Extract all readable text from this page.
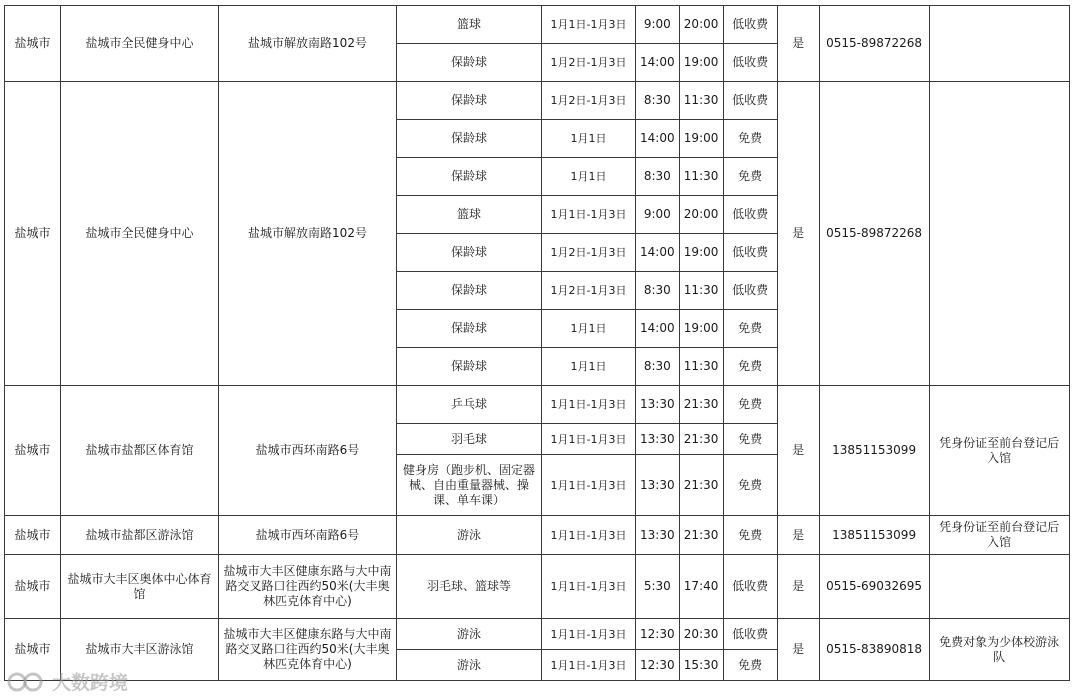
盐城市	盐城市全民健身中心	盐城市解放南路102号	篮球	1月1日-1月3日	9:00	20:00	低收费	是	0515-89872268	
			保龄球	1月2日-1月3日	14:00	19:00	低收费			
盐城市	盐城市全民健身中心	盐城市解放南路102号	保龄球	1月2日-1月3日	8:30	11:30	低收费	是	0515-89872268	
			保龄球	1月1日	14:00	19:00	免费			
			保龄球	1月1日	8:30	11:30	免费			
			篮球	1月1日-1月3日	9:00	20:00	低收费			
			保龄球	1月2日-1月3日	14:00	19:00	低收费			
			保龄球	1月2日-1月3日	8:30	11:30	低收费			
			保龄球	1月1日	14:00	19:00	免费			
			保龄球	1月1日	8:30	11:30	免费			
盐城市	盐城市盐都区体育馆	盐城市西环南路6号	乒乓球	1月1日-1月3日	13:30	21:30	免费	是	13851153099	凭身份证至前台登记后入馆
			羽毛球	1月1日-1月3日	13:30	21:30	免费			
			健身房（跑步机、固定器械、自由重量器械、操课、单车课）	1月1日-1月3日	13:30	21:30	免费			
盐城市	盐城市盐都区游泳馆	盐城市西环南路6号	游泳	1月1日-1月3日	13:30	21:30	免费	是	13851153099	凭身份证至前台登记后入馆
盐城市	盐城市大丰区奥体中心体育馆	盐城市大丰区健康东路与大中南路交叉路口往西约50米(大丰奥林匹克体育中心)	羽毛球、篮球等	1月1日-1月3日	5:30	17:40	低收费	是	0515-69032695	
盐城市	盐城市大丰区游泳馆	盐城市大丰区健康东路与大中南路交叉路口往西约50米(大丰奥林匹克体育中心)	游泳	1月1日-1月3日	12:30	20:30	低收费	是	0515-83890818	免费对象为少体校游泳队
			游泳	1月1日-1月3日	12:30	15:30	免费			
大数跨境
